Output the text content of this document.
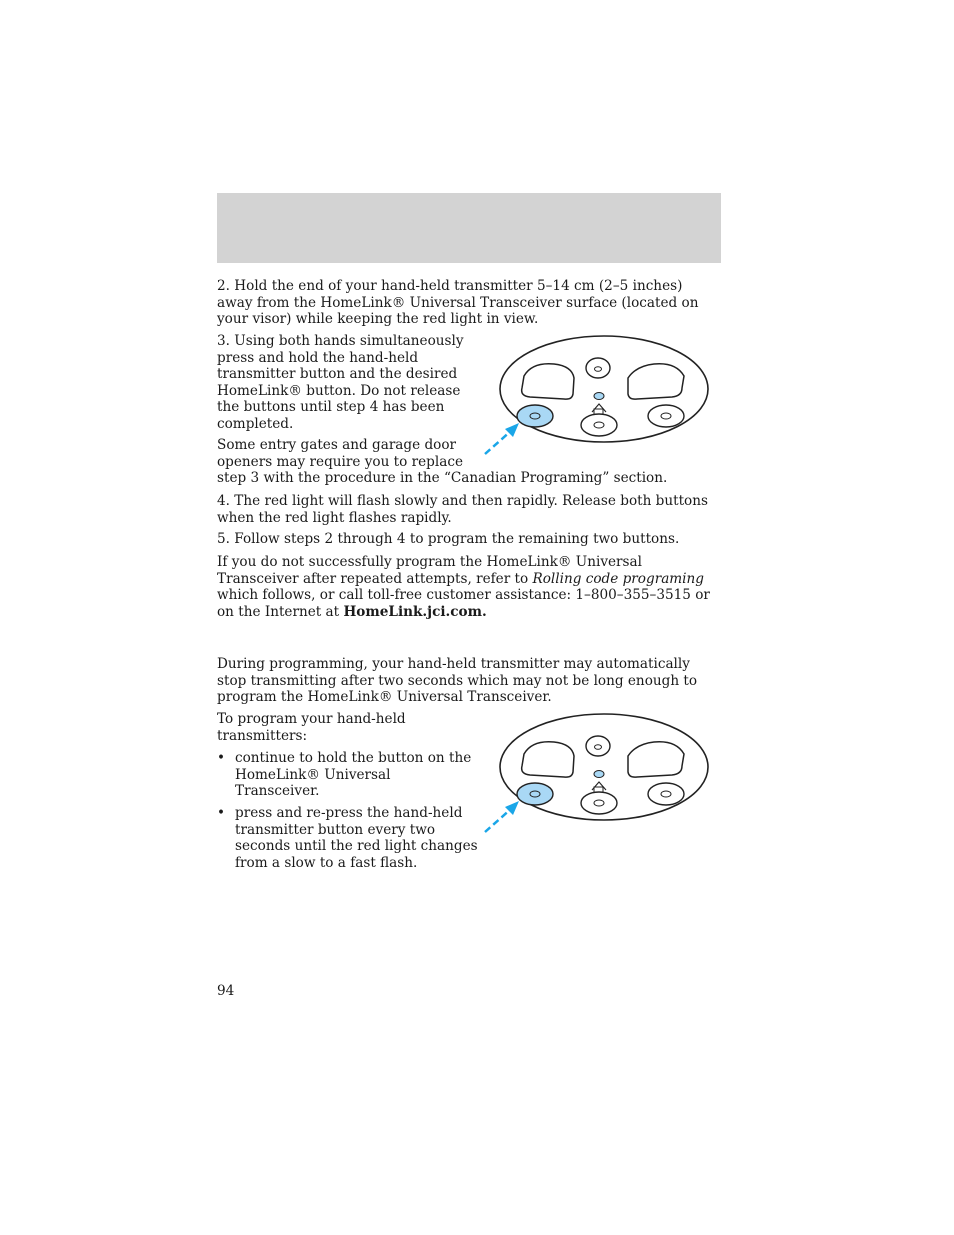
2. Hold the end of your hand-held transmitter 5–14 cm (2–5 inches) away from the HomeLink® Universal Transceiver surface (located on your visor) while keeping the red light in view.

3. Using both hands simultaneously press and hold the hand-held transmitter button and the desired HomeLink® button. Do not release the buttons until step 4 has been completed.

Some entry gates and garage door openers may require you to replace

step 3 with the procedure in the “Canadian Programing” section.

4. The red light will flash slowly and then rapidly. Release both buttons when the red light flashes rapidly.

5. Follow steps 2 through 4 to program the remaining two buttons.

If you do not successfully program the HomeLink® Universal Transceiver after repeated attempts, refer to Rolling code programing which follows, or call toll-free customer assistance: 1–800–355–3515 or on the Internet at HomeLink.jci.com.

During programming, your hand-held transmitter may automatically stop transmitting after two seconds which may not be long enough to program the HomeLink® Universal Transceiver.

To program your hand-held transmitters:

• continue to hold the button on the HomeLink® Universal Transceiver.
• press and re-press the hand-held transmitter button every two seconds until the red light changes from a slow to a fast flash.
94
